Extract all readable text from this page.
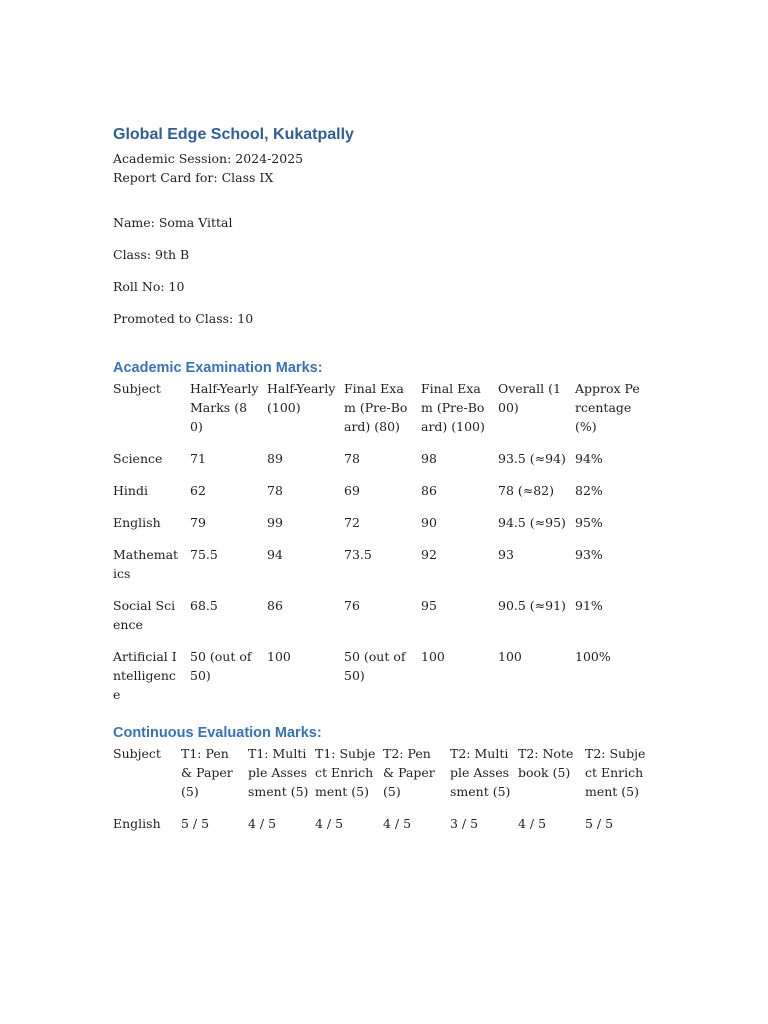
Global Edge School, Kukatpally

Academic Session: 2024-2025

Report Card for: Class IX

Name: Soma Vittal

Class: 9th B

Roll No: 10

Promoted to Class: 10

Academic Examination Marks:
Subject	Half-Yearly Marks (80)	Half-Yearly (100)	Final Exam (Pre-Board) (80)	Final Exam (Pre-Board) (100)	Overall (100)	Approx Percentage (%)
Science	71	89	78	98	93.5 (≈94)	94%
Hindi	62	78	69	86	78 (≈82)	82%
English	79	99	72	90	94.5 (≈95)	95%
Mathematics	75.5	94	73.5	92	93	93%
Social Science	68.5	86	76	95	90.5 (≈91)	91%
Artificial Intelligence	50 (out of 50)	100	50 (out of 50)	100	100	100%
Continuous Evaluation Marks:
Subject	T1: Pen & Paper (5)	T1: Multiple Assessment (5)	T1: Subject Enrichment (5)	T2: Pen & Paper (5)	T2: Multiple Assessment (5)	T2: Notebook (5)	T2: Subject Enrichment (5)
English	5 / 5	4 / 5	4 / 5	4 / 5	3 / 5	4 / 5	5 / 5
